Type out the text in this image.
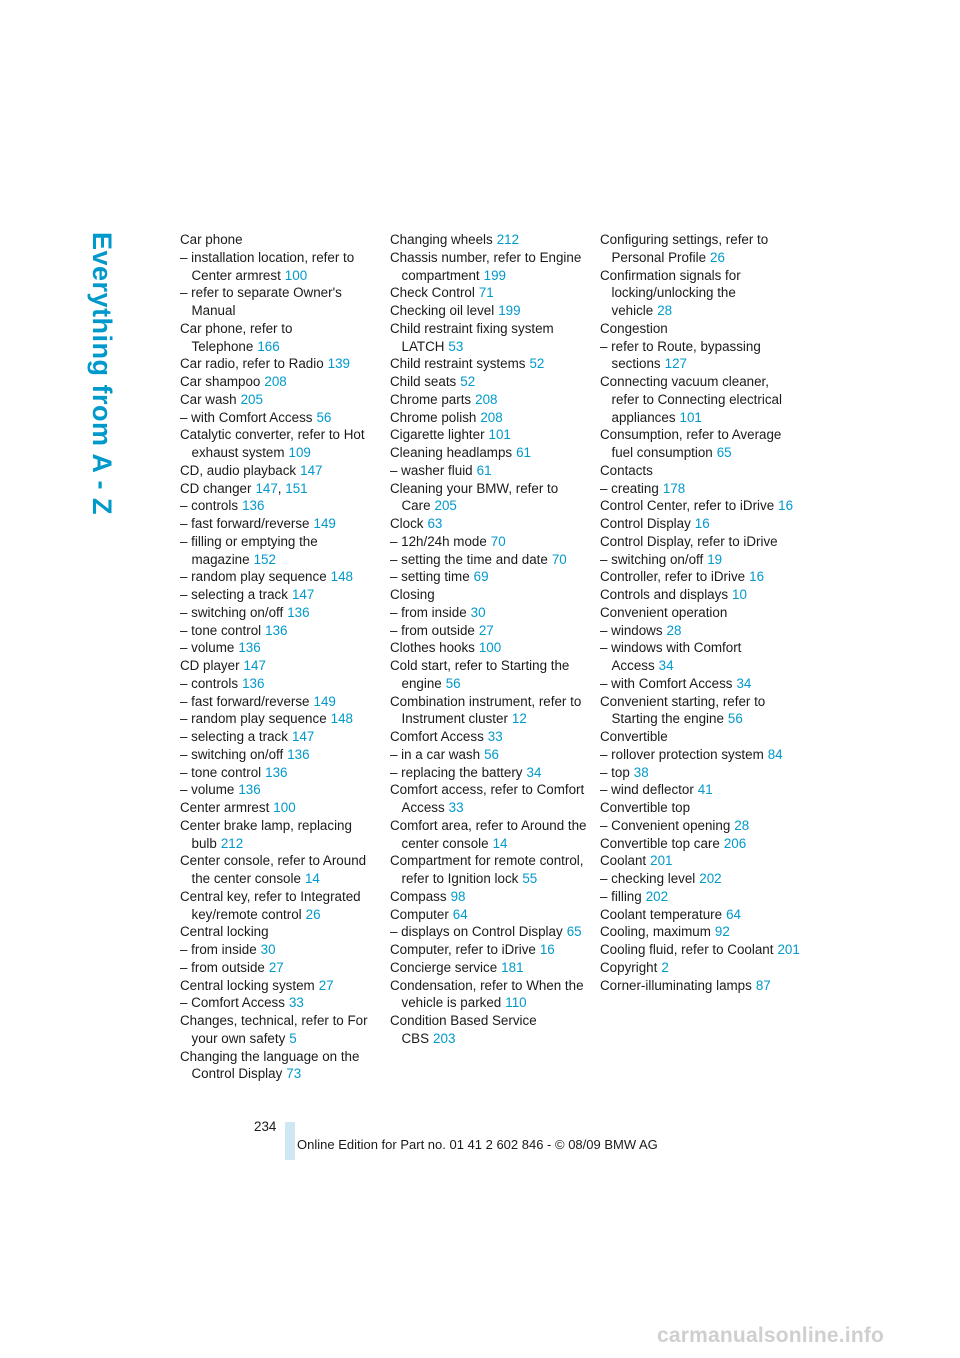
Everything from A - Z	Car phone
– installation location, refer to Center armrest 100
– refer to separate Owner's Manual
Car phone, refer to Telephone 166
Car radio, refer to Radio 139
Car shampoo 208
Car wash 205
– with Comfort Access 56
Catalytic converter, refer to Hot exhaust system 109
CD, audio playback 147
CD changer 147, 151
– controls 136
– fast forward/reverse 149
– filling or emptying the magazine 152
– random play sequence 148
– selecting a track 147
– switching on/off 136
– tone control 136
– volume 136
CD player 147
– controls 136
– fast forward/reverse 149
– random play sequence 148
– selecting a track 147
– switching on/off 136
– tone control 136
– volume 136
Center armrest 100
Center brake lamp, replacing bulb 212
Center console, refer to Around the center console 14
Central key, refer to Integrated key/remote control 26
Central locking
– from inside 30
– from outside 27
Central locking system 27
– Comfort Access 33
Changes, technical, refer to For your own safety 5
Changing the language on the Control Display 73
Changing wheels 212
Chassis number, refer to Engine compartment 199
Check Control 71
Checking oil level 199
Child restraint fixing system LATCH 53
Child restraint systems 52
Child seats 52
Chrome parts 208
Chrome polish 208
Cigarette lighter 101
Cleaning headlamps 61
– washer fluid 61
Cleaning your BMW, refer to Care 205
Clock 63
– 12h/24h mode 70
– setting the time and date 70
– setting time 69
Closing
– from inside 30
– from outside 27
Clothes hooks 100
Cold start, refer to Starting the engine 56
Combination instrument, refer to Instrument cluster 12
Comfort Access 33
– in a car wash 56
– replacing the battery 34
Comfort access, refer to Comfort Access 33
Comfort area, refer to Around the center console 14
Compartment for remote control, refer to Ignition lock 55
Compass 98
Computer 64
– displays on Control Display 65
Computer, refer to iDrive 16
Concierge service 181
Condensation, refer to When the vehicle is parked 110
Condition Based Service CBS 203
Configuring settings, refer to Personal Profile 26
Confirmation signals for locking/unlocking the vehicle 28
Congestion
– refer to Route, bypassing sections 127
Connecting vacuum cleaner, refer to Connecting electrical appliances 101
Consumption, refer to Average fuel consumption 65
Contacts
– creating 178
Control Center, refer to iDrive 16
Control Display 16
Control Display, refer to iDrive
– switching on/off 19
Controller, refer to iDrive 16
Controls and displays 10
Convenient operation
– windows 28
– windows with Comfort Access 34
– with Comfort Access 34
Convenient starting, refer to Starting the engine 56
Convertible
– rollover protection system 84
– top 38
– wind deflector 41
Convertible top
– Convenient opening 28
Convertible top care 206
Coolant 201
– checking level 202
– filling 202
Coolant temperature 64
Cooling, maximum 92
Cooling fluid, refer to Coolant 201
Copyright 2
Corner-illuminating lamps 87
234
Online Edition for Part no. 01 41 2 602 846 - © 08/09 BMW AG
carmanualsonline.info
